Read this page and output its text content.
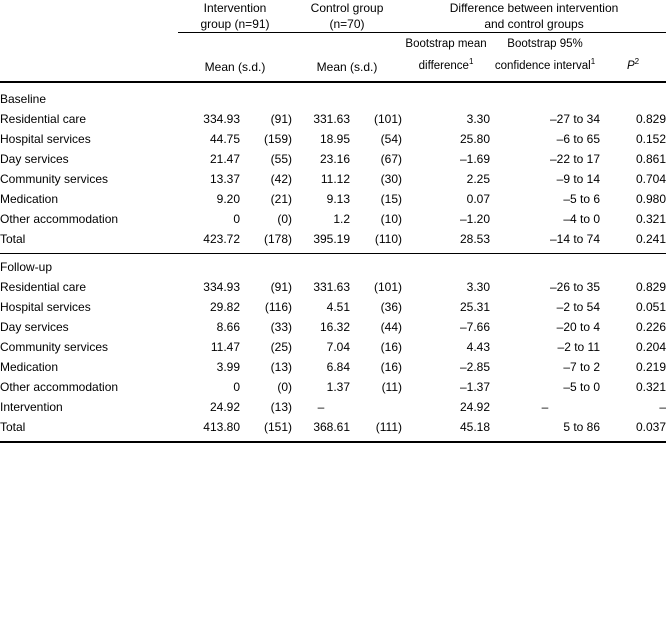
Intervention
group (n=91)

Control group
(n=70)

Difference between intervention
and control groups

	Mean (s.d.)		Mean (s.d.)		Bootstrap mean difference$^1$	Bootstrap 95% confidence interval$^1$	$P^2$

Baseline							
Residential care	334.93	(91)	331.63	(101)	3.30	–27 to 34	0.829
Hospital services	44.75	(159)	18.95	(54)	25.80	–6 to 65	0.152
Day services	21.47	(55)	23.16	(67)	–1.69	–22 to 17	0.861
Community services	13.37	(42)	11.12	(30)	2.25	–9 to 14	0.704
Medication	9.20	(21)	9.13	(15)	0.07	–5 to 6	0.980
Other accommodation	0	(0)	1.2	(10)	–1.20	–4 to 0	0.321
Total	423.72	(178)	395.19	(110)	28.53	–14 to 74	0.241

Follow-up							
Residential care	334.93	(91)	331.63	(101)	3.30	–26 to 35	0.829
Hospital services	29.82	(116)	4.51	(36)	25.31	–2 to 54	0.051
Day services	8.66	(33)	16.32	(44)	–7.66	–20 to 4	0.226
Community services	11.47	(25)	7.04	(16)	4.43	–2 to 11	0.204
Medication	3.99	(13)	6.84	(16)	–2.85	–7 to 2	0.219
Other accommodation	0	(0)	1.37	(11)	–1.37	–5 to 0	0.321
Intervention	24.92	(13)	–		24.92	–	–
Total	413.80	(151)	368.61	(111)	45.18	5 to 86	0.037
